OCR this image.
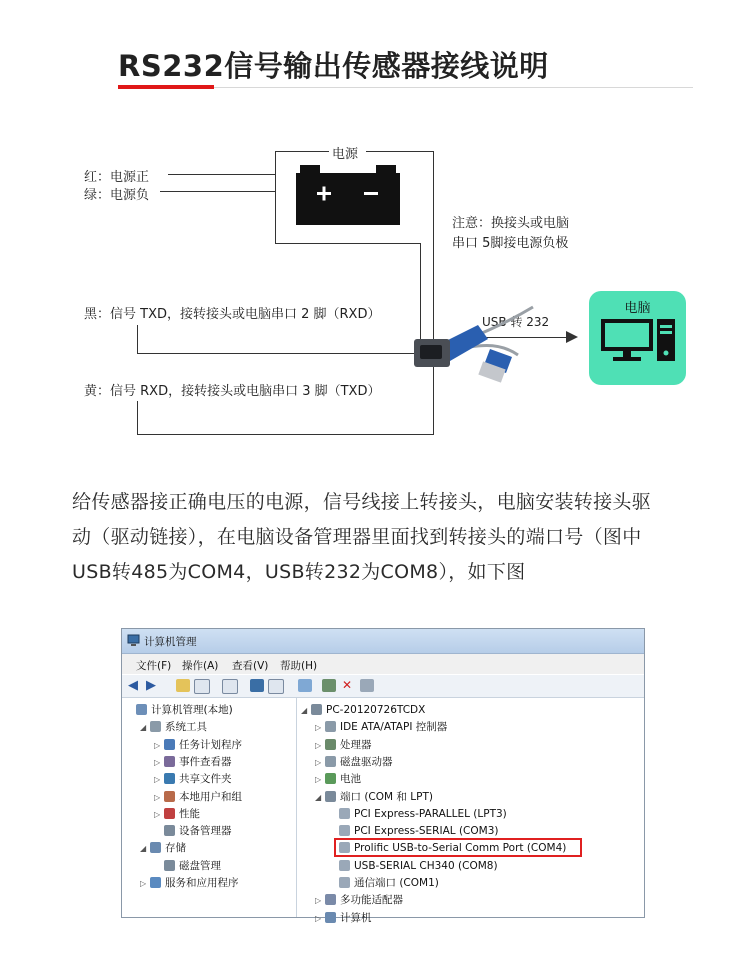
RS232信号输出传感器接线说明
电源
红：电源正
绿：电源负
注意：换接头或电脑
串口 5脚接电源负极
黑：信号 TXD，接转接头或电脑串口 2 脚（RXD）
黄：信号 RXD，接转接头或电脑串口 3 脚（TXD）
USB 转 232
电脑
给传感器接正确电压的电源，信号线接上转接头，电脑安装转接头驱
动（驱动链接），在电脑设备管理器里面找到转接头的端口号（图中
USB转485为COM4，USB转232为COM8），如下图
计算机管理
文件(F) 操作(A) 查看(V) 帮助(H)
◀ ▶	✕
计算机管理(本地)
◢ 系统工具
▷ 任务计划程序
▷ 事件查看器
▷ 共享文件夹
▷ 本地用户和组
▷ 性能
设备管理器
◢ 存储
磁盘管理
▷ 服务和应用程序
◢ PC-20120726TCDX
▷ IDE ATA/ATAPI 控制器
▷ 处理器
▷ 磁盘驱动器
▷ 电池
◢ 端口 (COM 和 LPT)
PCI Express-PARALLEL (LPT3)
PCI Express-SERIAL (COM3)
Prolific USB-to-Serial Comm Port (COM4)
USB-SERIAL CH340 (COM8)
通信端口 (COM1)
▷ 多功能适配器
▷ 计算机
